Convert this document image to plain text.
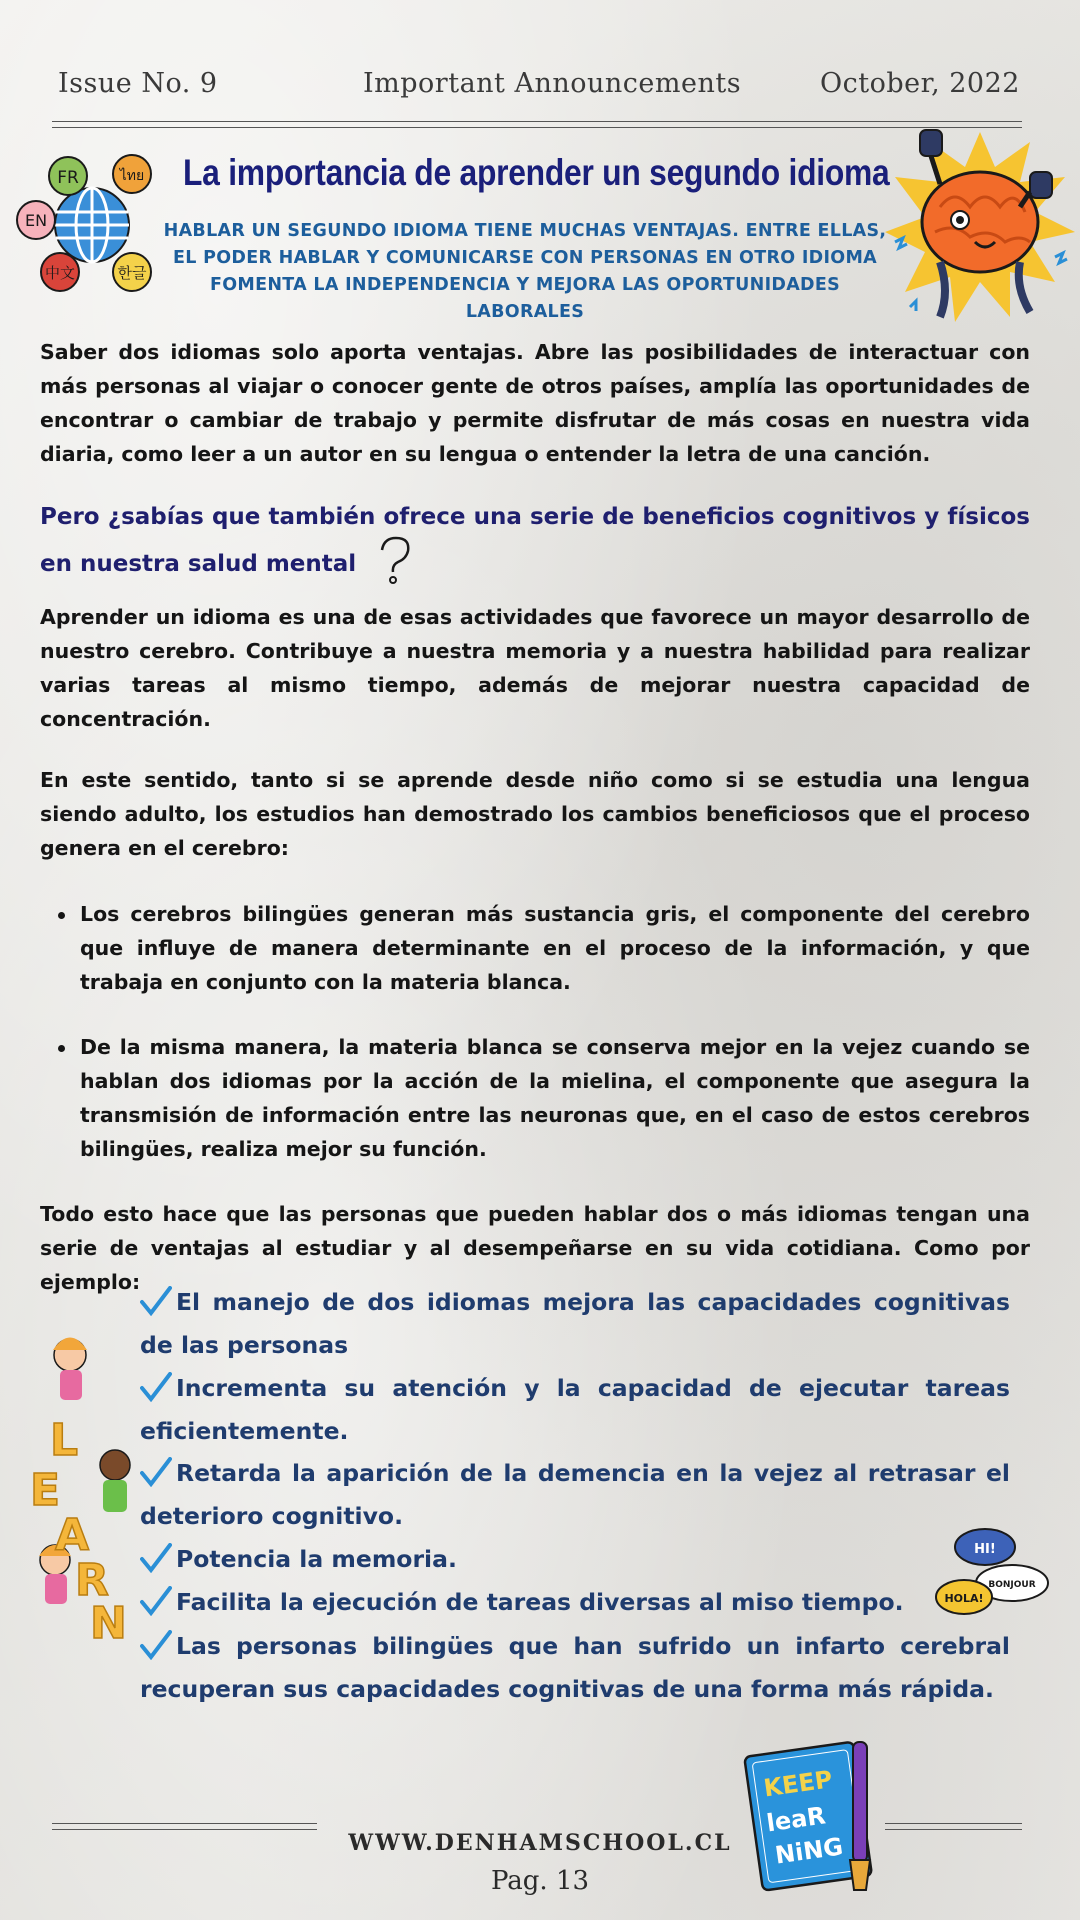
Issue No. 9	Important Announcements	October, 2022
FR	ไทย
EN
中文	한글
La importancia de aprender un segundo idioma
HABLAR UN SEGUNDO IDIOMA TIENE MUCHAS VENTAJAS. ENTRE ELLAS, EL PODER HABLAR Y COMUNICARSE CON PERSONAS EN OTRO IDIOMA FOMENTA LA INDEPENDENCIA Y MEJORA LAS OPORTUNIDADES LABORALES
Saber dos idiomas solo aporta ventajas. Abre las posibilidades de interactuar con más personas al viajar o conocer gente de otros países, amplía las oportunidades de encontrar o cambiar de trabajo y permite disfrutar de más cosas en nuestra vida diaria, como leer a un autor en su lengua o entender la letra de una canción.
Pero ¿sabías que también ofrece una serie de beneficios cognitivos y físicos en nuestra salud mental
Aprender un idioma es una de esas actividades que favorece un mayor desarrollo de nuestro cerebro. Contribuye a nuestra memoria y a nuestra habilidad para realizar varias tareas al mismo tiempo, además de mejorar nuestra capacidad de concentración.
En este sentido, tanto si se aprende desde niño como si se estudia una lengua siendo adulto, los estudios han demostrado los cambios beneficiosos que el proceso genera en el cerebro:
Los cerebros bilingües generan más sustancia gris, el componente del cerebro que influye de manera determinante en el proceso de la información, y que trabaja en conjunto con la materia blanca.
De la misma manera, la materia blanca se conserva mejor en la vejez cuando se hablan dos idiomas por la acción de la mielina, el componente que asegura la transmisión de información entre las neuronas que, en el caso de estos cerebros bilingües, realiza mejor su función.
Todo esto hace que las personas que pueden hablar dos o más idiomas tengan una serie de ventajas al estudiar y al desempeñarse en su vida cotidiana. Como por ejemplo:
El manejo de dos idiomas mejora las capacidades cognitivas de las personas
Incrementa su atención y la capacidad de ejecutar tareas eficientemente.
Retarda la aparición de la demencia en la vejez al retrasar el deterioro cognitivo.
Potencia la memoria.
Facilita la ejecución de tareas diversas al miso tiempo.
Las personas bilingües que han sufrido un infarto cerebral recuperan sus capacidades cognitivas de una forma más rápida.
L
E
A
R
N
HI!
BONJOUR
HOLA!
KEEP
leaR
NiNG
WWW.DENHAMSCHOOL.CL
Pag. 13
